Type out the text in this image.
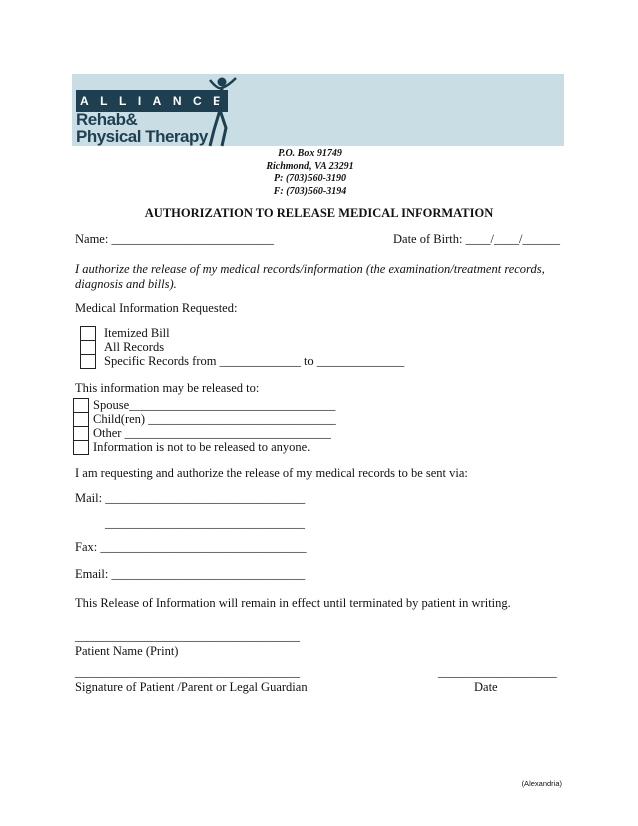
ALLIANCE
Rehab&
Physical Therapy
P.O. Box 91749
Richmond, VA 23291
P: (703)560-3190
F: (703)560-3194
AUTHORIZATION TO RELEASE MEDICAL INFORMATION
Name: __________________________	Date of Birth: ____/____/______
I authorize the release of my medical records/information (the examination/treatment records,
diagnosis and bills).
Medical Information Requested:
Itemized Bill
All Records
Specific Records from _____________ to ______________
This information may be released to:
Spouse_________________________________
Child(ren) ______________________________
Other _________________________________
Information is not to be released to anyone.
I am requesting and authorize the release of my medical records to be sent via:
Mail: ________________________________
________________________________
Fax: _________________________________
Email: _______________________________
This Release of Information will remain in effect until terminated by patient in writing.
____________________________________
Patient Name (Print)
____________________________________
Signature of Patient /Parent or Legal Guardian
___________________
Date
(Alexandria)
